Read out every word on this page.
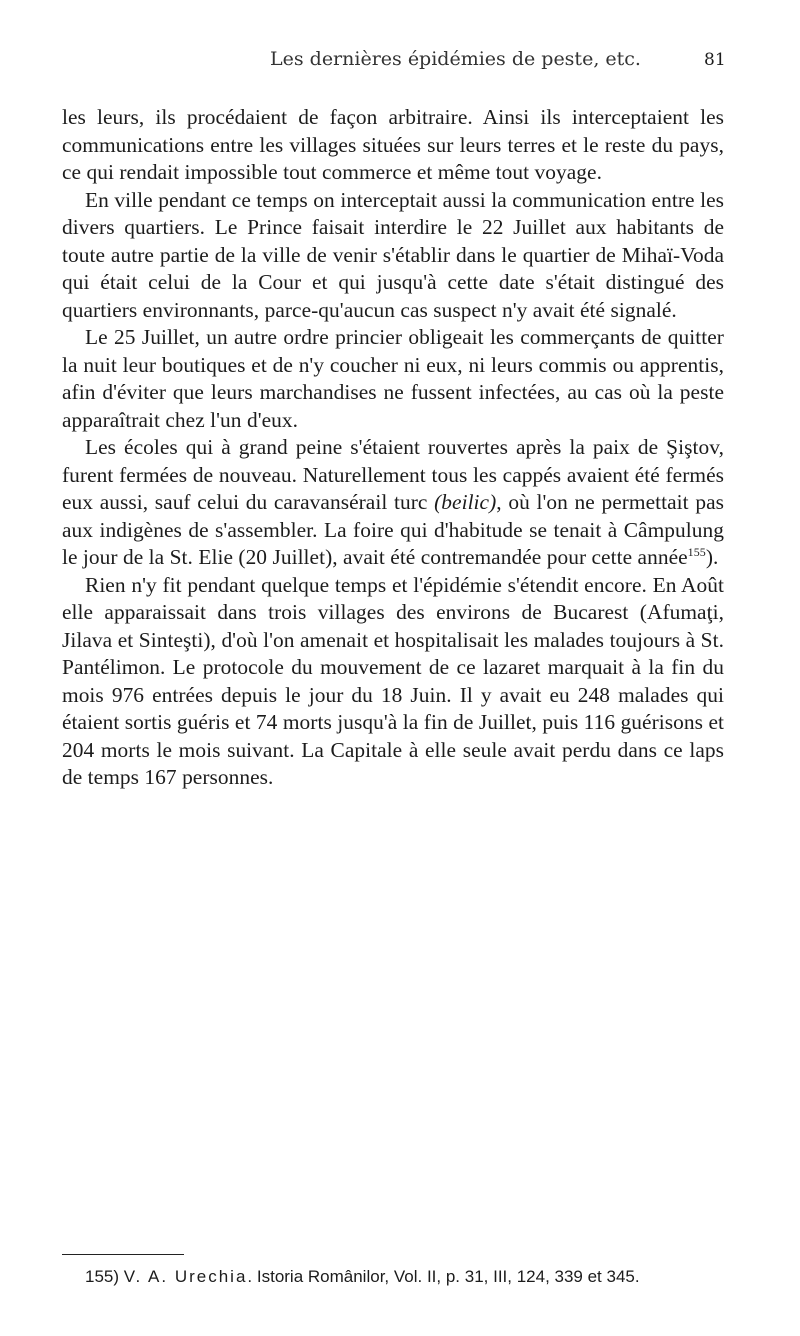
Les dernières épidémies de peste, etc.	81

les leurs, ils procédaient de façon arbitraire. Ainsi ils interceptaient les communications entre les villages situées sur leurs terres et le reste du pays, ce qui rendait impossible tout commerce et même tout voyage.

En ville pendant ce temps on interceptait aussi la communication entre les divers quartiers. Le Prince faisait interdire le 22 Juillet aux habitants de toute autre partie de la ville de venir s'établir dans le quartier de Mihaï-Voda qui était celui de la Cour et qui jusqu'à cette date s'était distingué des quartiers environnants, parce-qu'aucun cas suspect n'y avait été signalé.

Le 25 Juillet, un autre ordre princier obligeait les commerçants de quitter la nuit leur boutiques et de n'y coucher ni eux, ni leurs commis ou apprentis, afin d'éviter que leurs marchandises ne fussent infectées, au cas où la peste apparaîtrait chez l'un d'eux.

Les écoles qui à grand peine s'étaient rouvertes après la paix de Şiştov, furent fermées de nouveau. Naturellement tous les cappés avaient été fermés eux aussi, sauf celui du caravansérail turc (beilic), où l'on ne permettait pas aux indigènes de s'assembler. La foire qui d'habitude se tenait à Câmpulung le jour de la St. Elie (20 Juillet), avait été contremandée pour cette année$^{155}$).

Rien n'y fit pendant quelque temps et l'épidémie s'étendit encore. En Août elle apparaissait dans trois villages des environs de Bucarest (Afumaţi, Jilava et Sinteşti), d'où l'on amenait et hospitalisait les malades toujours à St. Pantélimon. Le protocole du mouvement de ce lazaret marquait à la fin du mois 976 entrées depuis le jour du 18 Juin. Il y avait eu 248 malades qui étaient sortis guéris et 74 morts jusqu'à la fin de Juillet, puis 116 guérisons et 204 morts le mois suivant. La Capitale à elle seule avait perdu dans ce laps de temps 167 personnes.

155) V. A. Urechia. Istoria Românilor, Vol. II, p. 31, III, 124, 339 et 345.
